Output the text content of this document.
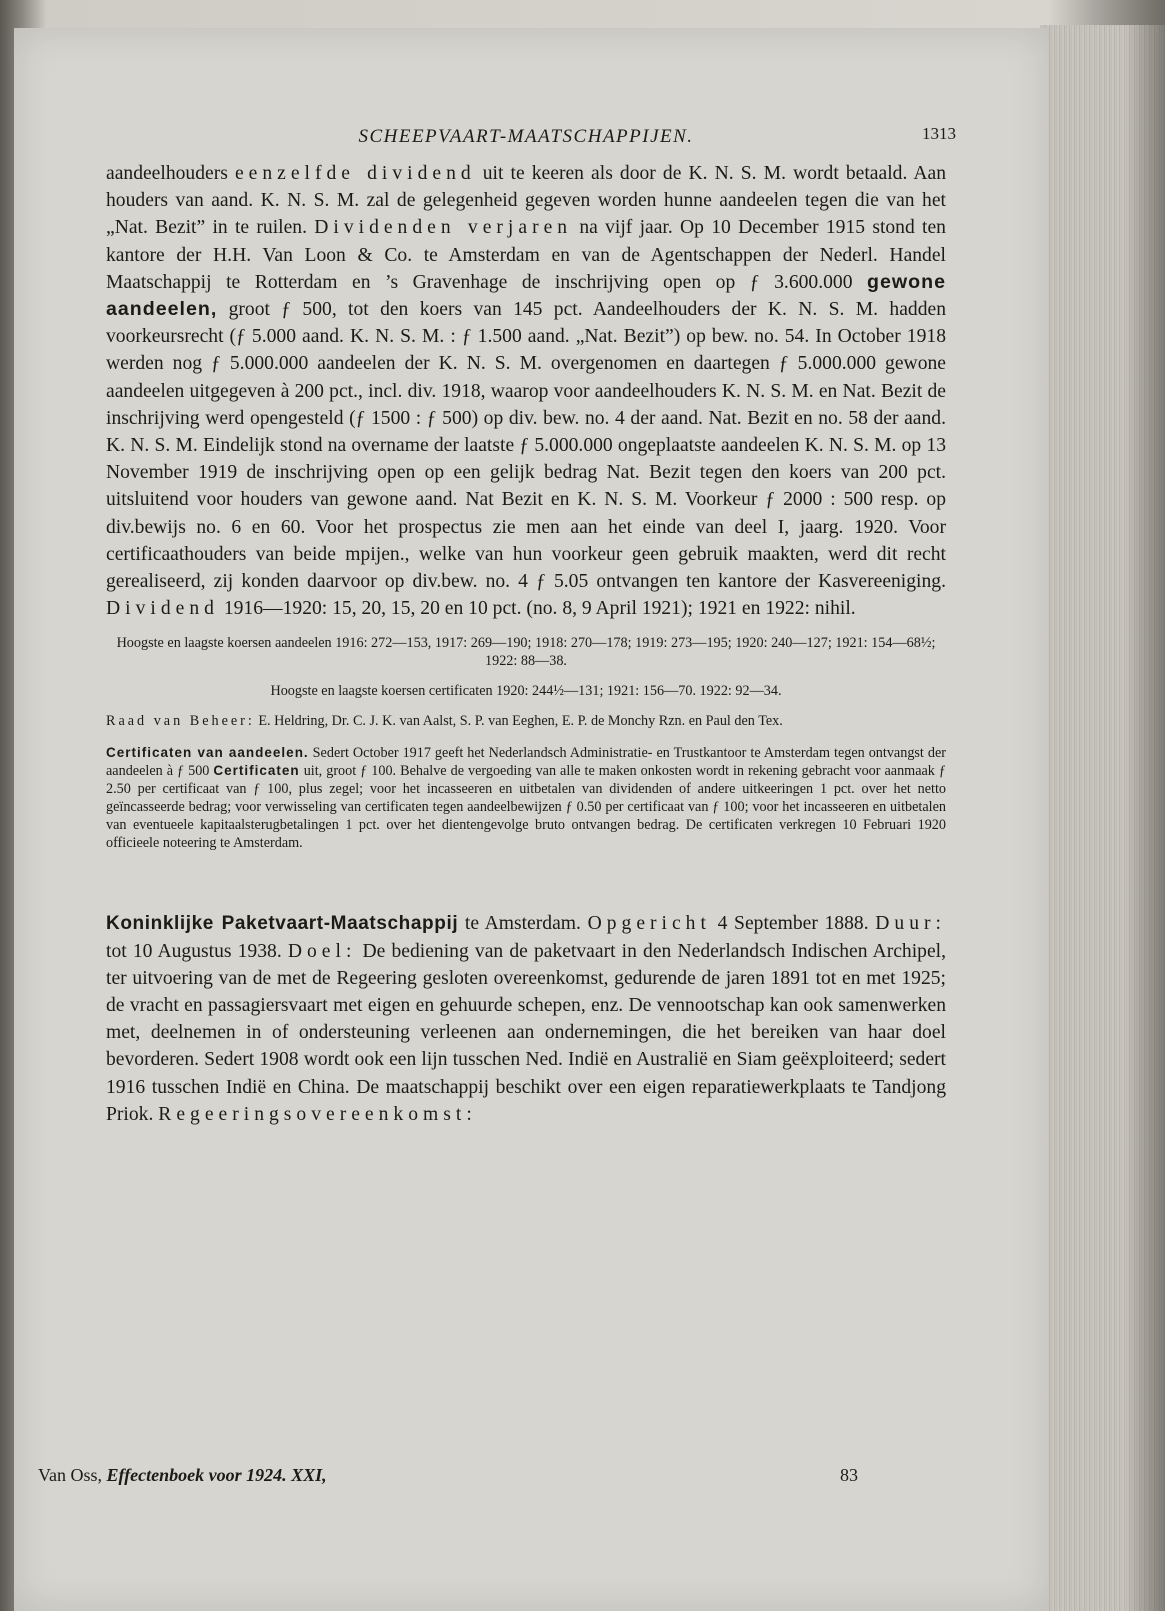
SCHEEPVAART-MAATSCHAPPIJEN.	1313

aandeelhouders eenzelfde dividend uit te keeren als door de K. N. S. M. wordt betaald. Aan houders van aand. K. N. S. M. zal de gelegenheid gegeven worden hunne aandeelen tegen die van het „Nat. Bezit” in te ruilen. Dividenden verjaren na vijf jaar. Op 10 December 1915 stond ten kantore der H.H. Van Loon & Co. te Amsterdam en van de Agentschappen der Nederl. Handel Maatschappij te Rotterdam en ’s Gravenhage de inschrijving open op ƒ 3.600.000 gewone aandeelen, groot ƒ 500, tot den koers van 145 pct. Aandeelhouders der K. N. S. M. hadden voorkeursrecht (ƒ 5.000 aand. K. N. S. M. : ƒ 1.500 aand. „Nat. Bezit”) op bew. no. 54. In October 1918 werden nog ƒ 5.000.000 aandeelen der K. N. S. M. overgenomen en daartegen ƒ 5.000.000 gewone aandeelen uitgegeven à 200 pct., incl. div. 1918, waarop voor aandeelhouders K. N. S. M. en Nat. Bezit de inschrijving werd opengesteld (ƒ 1500 : ƒ 500) op div. bew. no. 4 der aand. Nat. Bezit en no. 58 der aand. K. N. S. M. Eindelijk stond na overname der laatste ƒ 5.000.000 ongeplaatste aandeelen K. N. S. M. op 13 November 1919 de inschrijving open op een gelijk bedrag Nat. Bezit tegen den koers van 200 pct. uitsluitend voor houders van gewone aand. Nat Bezit en K. N. S. M. Voorkeur ƒ 2000 : 500 resp. op div.bewijs no. 6 en 60. Voor het prospectus zie men aan het einde van deel I, jaarg. 1920. Voor certificaathouders van beide mpijen., welke van hun voorkeur geen gebruik maakten, werd dit recht gerealiseerd, zij konden daarvoor op div.bew. no. 4 ƒ 5.05 ontvangen ten kantore der Kasvereeniging. Dividend 1916—1920: 15, 20, 15, 20 en 10 pct. (no. 8, 9 April 1921); 1921 en 1922: nihil.

Hoogste en laagste koersen aandeelen 1916: 272—153, 1917: 269—190; 1918: 270—178; 1919: 273—195; 1920: 240—127; 1921: 154—68½; 1922: 88—38.

Hoogste en laagste koersen certificaten 1920: 244½—131; 1921: 156—70. 1922: 92—34.

Raad van Beheer: E. Heldring, Dr. C. J. K. van Aalst, S. P. van Eeghen, E. P. de Monchy Rzn. en Paul den Tex.

Certificaten van aandeelen. Sedert October 1917 geeft het Nederlandsch Administratie- en Trustkantoor te Amsterdam tegen ontvangst der aandeelen à ƒ 500 Certificaten uit, groot ƒ 100. Behalve de vergoeding van alle te maken onkosten wordt in rekening gebracht voor aanmaak ƒ 2.50 per certificaat van ƒ 100, plus zegel; voor het incasseeren en uitbetalen van dividenden of andere uitkeeringen 1 pct. over het netto geïncasseerde bedrag; voor verwisseling van certificaten tegen aandeelbewijzen ƒ 0.50 per certificaat van ƒ 100; voor het incasseeren en uitbetalen van eventueele kapitaalsterugbetalingen 1 pct. over het dientengevolge bruto ontvangen bedrag. De certificaten verkregen 10 Februari 1920 officieele noteering te Amsterdam.

Koninklijke Paketvaart-Maatschappij te Amsterdam. Opgericht 4 September 1888. Duur: tot 10 Augustus 1938. Doel: De bediening van de paketvaart in den Nederlandsch Indischen Archipel, ter uitvoering van de met de Regeering gesloten overeenkomst, gedurende de jaren 1891 tot en met 1925; de vracht en passagiersvaart met eigen en gehuurde schepen, enz. De vennootschap kan ook samenwerken met, deelnemen in of ondersteuning verleenen aan ondernemingen, die het bereiken van haar doel bevorderen. Sedert 1908 wordt ook een lijn tusschen Ned. Indië en Australië en Siam geëxploiteerd; sedert 1916 tusschen Indië en China. De maatschappij beschikt over een eigen reparatiewerkplaats te Tandjong Priok. Regeeringsovereenkomst:

Van Oss, Effectenboek voor 1924. XXI,	83
